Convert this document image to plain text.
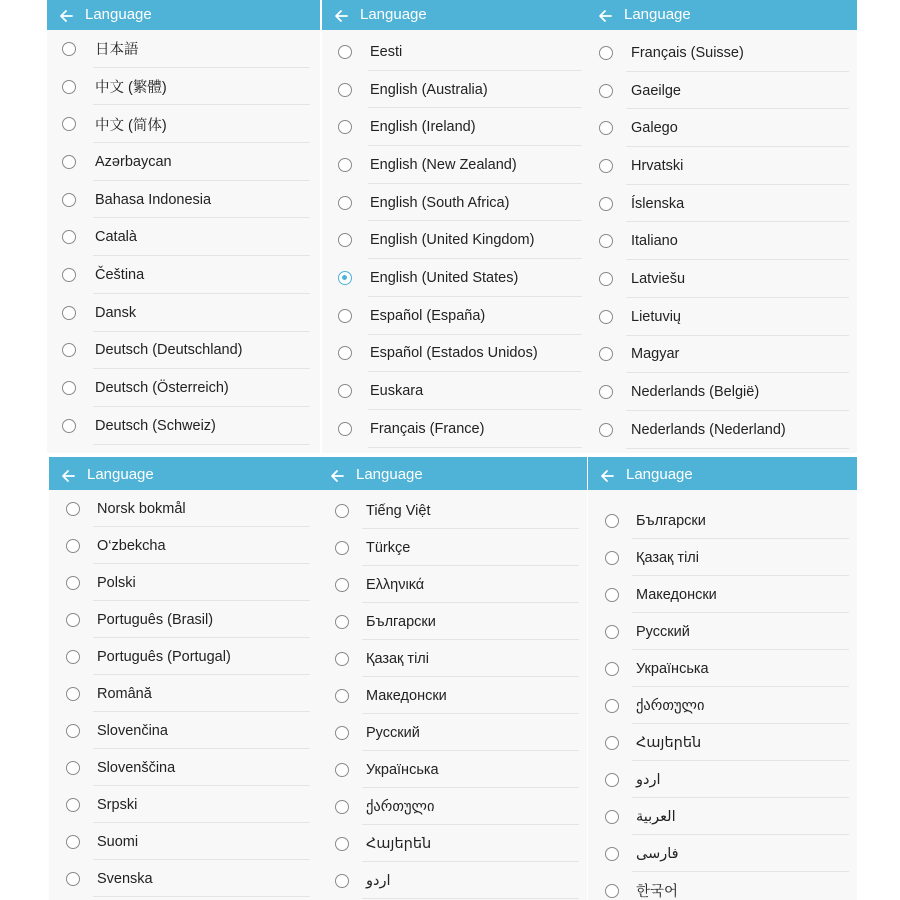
日本語
中文 (繁體)
中文 (简体)
Azərbaycan
Bahasa Indonesia
Català
Čeština
Dansk
Deutsch (Deutschland)
Deutsch (Österreich)
Deutsch (Schweiz)
Language
Eesti
English (Australia)
English (Ireland)
English (New Zealand)
English (South Africa)
English (United Kingdom)
English (United States)
Español (España)
Español (Estados Unidos)
Euskara
Français (France)
Language
Français (Suisse)
Gaeilge
Galego
Hrvatski
Íslenska
Italiano
Latviešu
Lietuvių
Magyar
Nederlands (België)
Nederlands (Nederland)
Language
Norsk bokmål
O‘zbekcha
Polski
Português (Brasil)
Português (Portugal)
Română
Slovenčina
Slovenščina
Srpski
Suomi
Svenska
Language
Tiếng Việt
Türkçe
Ελληνικά
Български
Қазақ тілі
Македонски
Русский
Українська
ქართული
Հայերեն
اردو
Language
Български
Қазақ тілі
Македонски
Русский
Українська
ქართული
Հայերեն
اردو
العربية
فارسی
한국어
Language
